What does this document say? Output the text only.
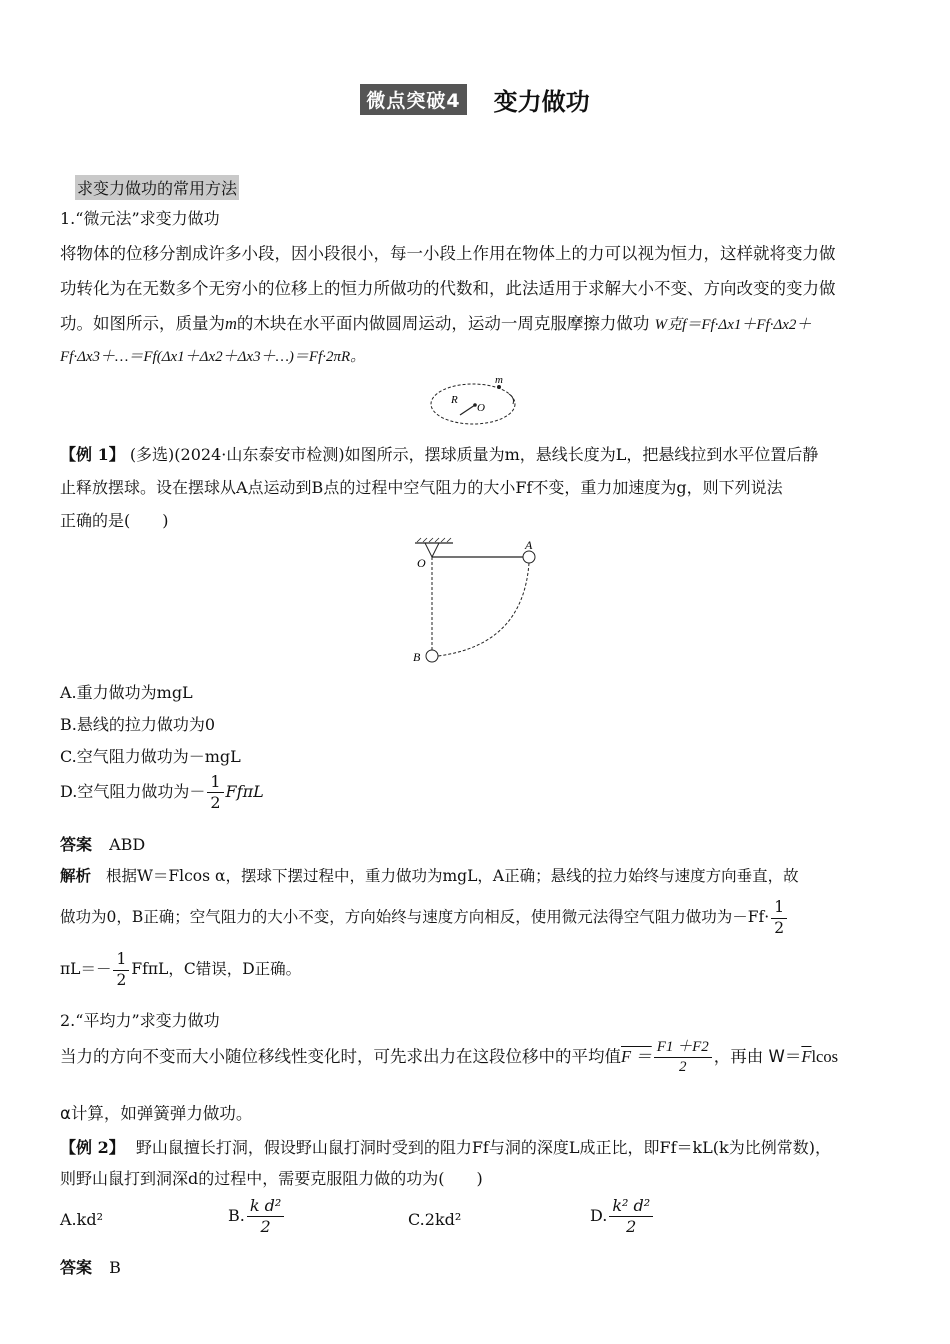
微点突破4 变力做功
求变力做功的常用方法
1.“微元法”求变力做功
将物体的位移分割成许多小段，因小段很小，每一小段上作用在物体上的力可以视为恒力，这样就将变力做
功转化为在无数多个无穷小的位移上的恒力所做功的代数和，此法适用于求解大小不变、方向改变的变力做
功。如图所示，质量为m的木块在水平面内做圆周运动，运动一周克服摩擦力做功 W克f＝Ff·Δx1＋Ff·Δx2＋
Ff·Δx3＋…＝Ff(Δx1＋Δx2＋Δx3＋…)＝Ff·2πR。
R
O
m
【例 1】 (多选)(2024·山东泰安市检测)如图所示，摆球质量为m，悬线长度为L，把悬线拉到水平位置后静
止释放摆球。设在摆球从A点运动到B点的过程中空气阻力的大小Ff不变，重力加速度为g，则下列说法
正确的是(　　)
O
A
B
A.重力做功为mgL
B.悬线的拉力做功为0
C.空气阻力做功为－mgL
D.空气阻力做功为－ $\frac{1}{2}$ FfπL
答案 ABD
解析 根据W＝Flcos α，摆球下摆过程中，重力做功为mgL，A正确；悬线的拉力始终与速度方向垂直，故
做功为0，B正确；空气阻力的大小不变，方向始终与速度方向相反，使用微元法得空气阻力做功为$-Ff\cdot \frac{1}{2}$
$\pi L=- \frac{1}{2}$ FfπL，C错误，D正确。
2.“平均力”求变力做功
当力的方向不变而大小随位移线性变化时，可先求出力在这段位移中的平均值$F = \frac{F1 +F2}{2}$ ，再由 $W=\overline{F}lcos$
α计算，如弹簧弹力做功。
【例 2】 野山鼠擅长打洞，假设野山鼠打洞时受到的阻力Ff与洞的深度L成正比，即Ff＝kL(k为比例常数)，
则野山鼠打到洞深d的过程中，需要克服阻力做的功为(　　)
A.kd²	B. $\frac{\text{k d²}}{2}$	C.2kd²	D. $\frac{\text{k² d²}}{2}$
答案 B
